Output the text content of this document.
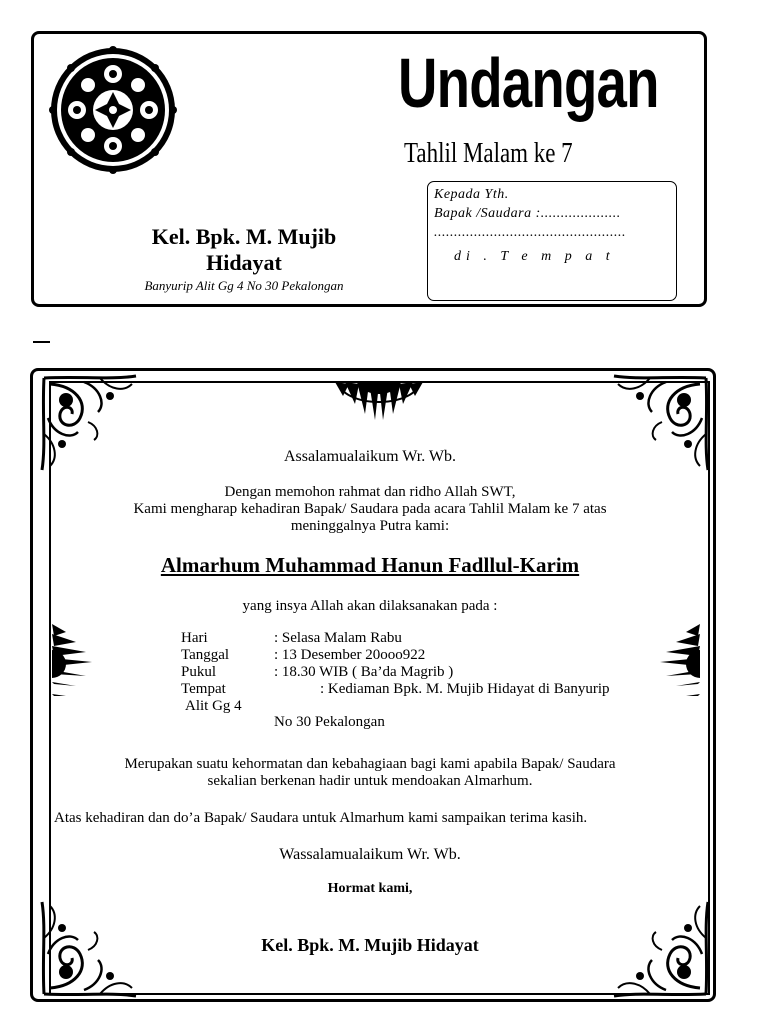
Undangan
Tahlil Malam ke 7
Kepada Yth.
Bapak /Saudara :....................
................................................
di . T e m p a t
Kel. Bpk. M. Mujib Hidayat
Banyurip Alit Gg 4 No 30 Pekalongan
Assalamualaikum Wr. Wb.
Dengan memohon rahmat dan ridho Allah SWT,
Kami mengharap kehadiran Bapak/ Saudara pada acara Tahlil Malam ke 7 atas
meninggalnya Putra kami:
Almarhum Muhammad Hanun Fadllul-Karim
yang insya Allah akan dilaksanakan pada :
Hari	: Selasa Malam Rabu
Tanggal	: 13 Desember 20ooo922
Pukul	: 18.30 WIB ( Ba’da Magrib )
Tempat	: Kediaman Bpk. M. Mujib Hidayat di Banyurip
Alit Gg 4
No 30 Pekalongan
Merupakan suatu kehormatan dan kebahagiaan bagi kami apabila Bapak/ Saudara
sekalian berkenan hadir untuk mendoakan Almarhum.
Atas kehadiran dan do’a Bapak/ Saudara untuk Almarhum kami sampaikan terima kasih.
Wassalamualaikum Wr. Wb.
Hormat kami,
Kel. Bpk. M. Mujib Hidayat
